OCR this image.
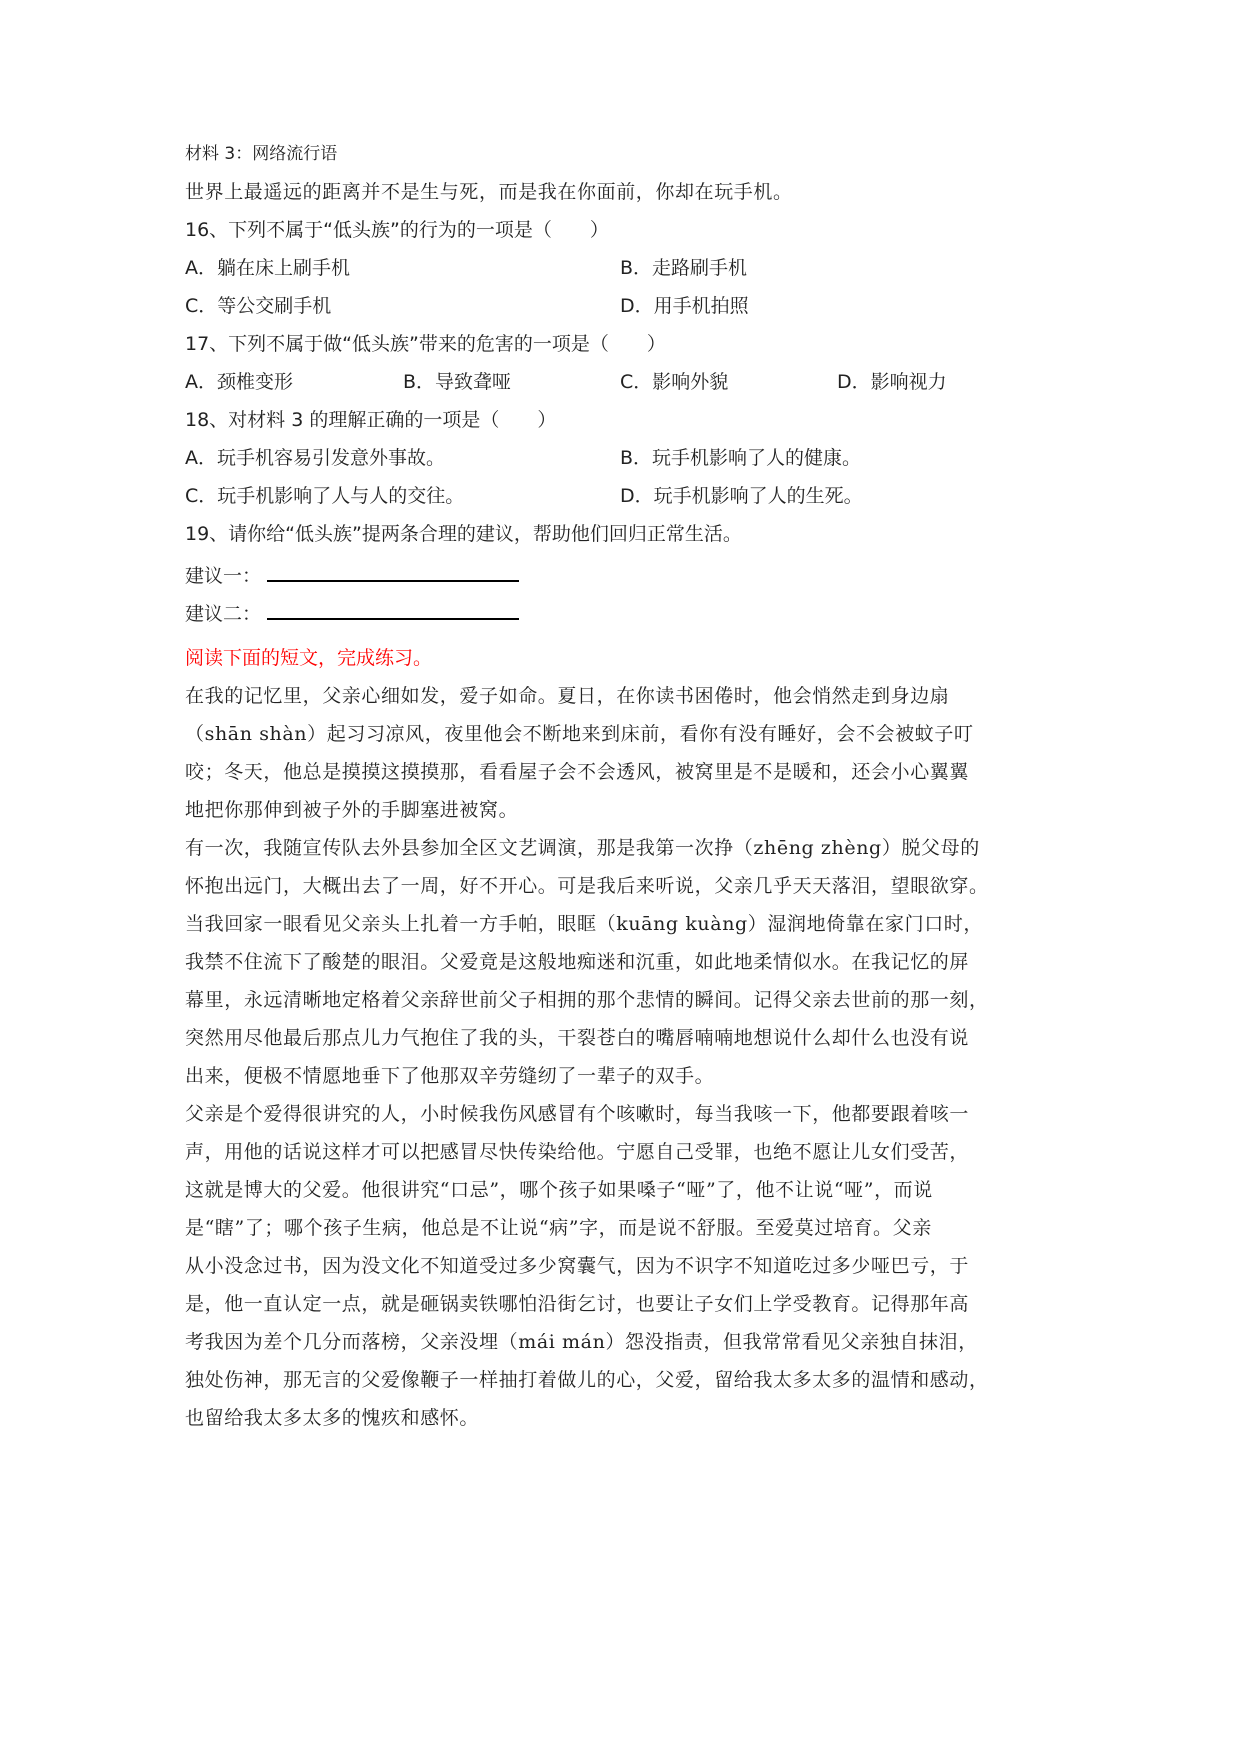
材料 3：网络流行语
世界上最遥远的距离并不是生与死，而是我在你面前，你却在玩手机。
16、下列不属于“低头族”的行为的一项是（　　）
A．躺在床上刷手机	B．走路刷手机
C．等公交刷手机	D．用手机拍照
17、下列不属于做“低头族”带来的危害的一项是（　　）
A．颈椎变形	B．导致聋哑	C．影响外貌	D．影响视力
18、对材料 3 的理解正确的一项是（　　）
A．玩手机容易引发意外事故。	B．玩手机影响了人的健康。
C．玩手机影响了人与人的交往。	D．玩手机影响了人的生死。
19、请你给“低头族”提两条合理的建议，帮助他们回归正常生活。
建议一：
建议二：
阅读下面的短文，完成练习。
在我的记忆里，父亲心细如发，爱子如命。夏日，在你读书困倦时，他会悄然走到身边扇
（shān shàn）起习习凉风，夜里他会不断地来到床前，看你有没有睡好，会不会被蚊子叮
咬；冬天，他总是摸摸这摸摸那，看看屋子会不会透风，被窝里是不是暖和，还会小心翼翼
地把你那伸到被子外的手脚塞进被窝。
有一次，我随宣传队去外县参加全区文艺调演，那是我第一次挣（zhēng zhèng）脱父母的
怀抱出远门，大概出去了一周，好不开心。可是我后来听说，父亲几乎天天落泪，望眼欲穿。
当我回家一眼看见父亲头上扎着一方手帕，眼眶（kuāng kuàng）湿润地倚靠在家门口时，
我禁不住流下了酸楚的眼泪。父爱竟是这般地痴迷和沉重，如此地柔情似水。在我记忆的屏
幕里，永远清晰地定格着父亲辞世前父子相拥的那个悲情的瞬间。记得父亲去世前的那一刻，
突然用尽他最后那点儿力气抱住了我的头，干裂苍白的嘴唇喃喃地想说什么却什么也没有说
出来，便极不情愿地垂下了他那双辛劳缝纫了一辈子的双手。
父亲是个爱得很讲究的人，小时候我伤风感冒有个咳嗽时，每当我咳一下，他都要跟着咳一
声，用他的话说这样才可以把感冒尽快传染给他。宁愿自己受罪，也绝不愿让儿女们受苦，
这就是博大的父爱。他很讲究“口忌”，哪个孩子如果嗓子“哑”了，他不让说“哑”，而说
是“瞎”了；哪个孩子生病，他总是不让说“病”字，而是说不舒服。至爱莫过培育。父亲
从小没念过书，因为没文化不知道受过多少窝囊气，因为不识字不知道吃过多少哑巴亏，于
是，他一直认定一点，就是砸锅卖铁哪怕沿街乞讨，也要让子女们上学受教育。记得那年高
考我因为差个几分而落榜，父亲没埋（mái mán）怨没指责，但我常常看见父亲独自抹泪，
独处伤神，那无言的父爱像鞭子一样抽打着做儿的心，父爱，留给我太多太多的温情和感动，
也留给我太多太多的愧疚和感怀。
